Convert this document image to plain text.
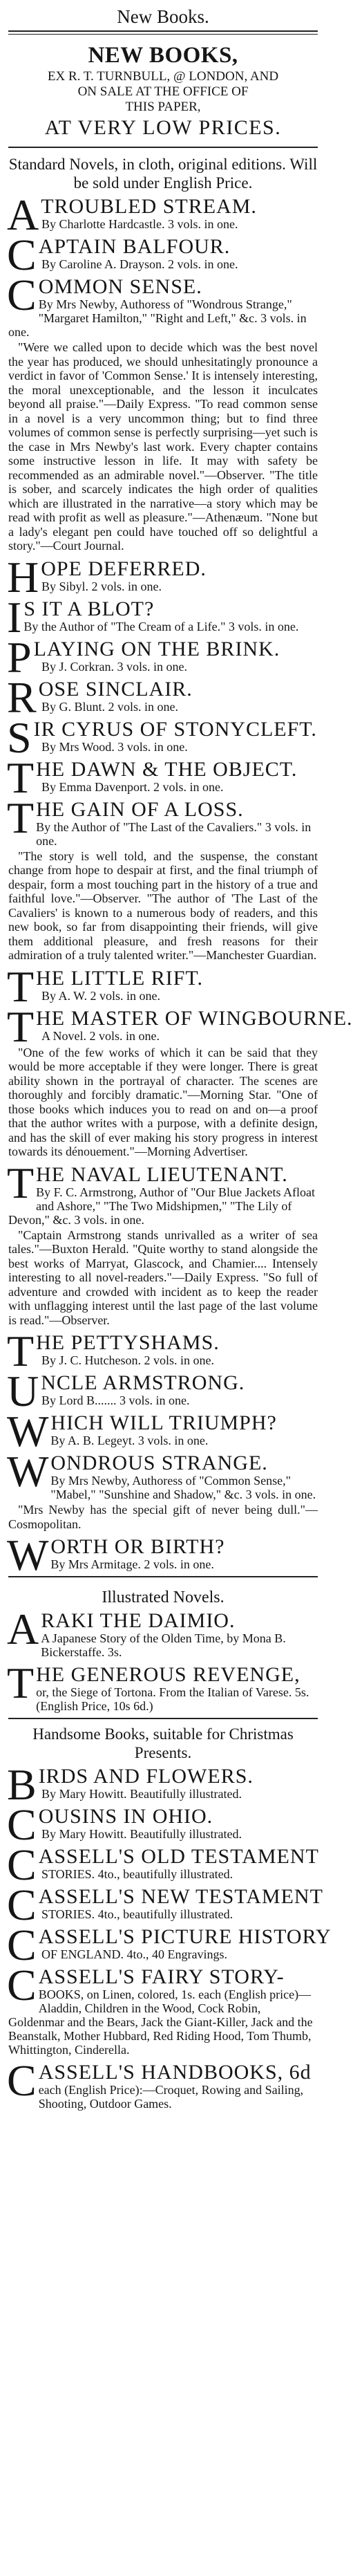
New Books.
NEW BOOKS,
EX R. T. TURNBULL, @ LONDON, AND
ON SALE AT THE OFFICE OF
THIS PAPER,
AT VERY LOW PRICES.
Standard Novels, in cloth, original editions. Will be sold under English Price.
A TROUBLED STREAM.
By Charlotte Hardcastle. 3 vols. in one.
C APTAIN BALFOUR.
By Caroline A. Drayson. 2 vols. in one.
C OMMON SENSE.
By Mrs Newby, Authoress of "Wondrous Strange," "Margaret Hamilton," "Right and Left," &c. 3 vols. in one.
"Were we called upon to decide which was the best novel the year has produced, we should unhesitatingly pronounce a verdict in favor of 'Common Sense.' It is intensely interesting, the moral unexceptionable, and the lesson it inculcates beyond all praise."—Daily Express. "To read common sense in a novel is a very uncommon thing; but to find three volumes of common sense is perfectly surprising—yet such is the case in Mrs Newby's last work. Every chapter contains some instructive lesson in life. It may with safety be recommended as an admirable novel."—Observer. "The title is sober, and scarcely indicates the high order of qualities which are illustrated in the narrative—a story which may be read with profit as well as pleasure."—Athenæum. "None but a lady's elegant pen could have touched off so delightful a story."—Court Journal.
H OPE DEFERRED.
By Sibyl. 2 vols. in one.
I S IT A BLOT?
By the Author of "The Cream of a Life." 3 vols. in one.
P LAYING ON THE BRINK.
By J. Corkran. 3 vols. in one.
R OSE SINCLAIR.
By G. Blunt. 2 vols. in one.
S IR CYRUS OF STONYCLEFT.
By Mrs Wood. 3 vols. in one.
T HE DAWN & THE OBJECT.
By Emma Davenport. 2 vols. in one.
T HE GAIN OF A LOSS.
By the Author of "The Last of the Cavaliers." 3 vols. in one.
"The story is well told, and the suspense, the constant change from hope to despair at first, and the final triumph of despair, form a most touching part in the history of a true and faithful love."—Observer. "The author of 'The Last of the Cavaliers' is known to a numerous body of readers, and this new book, so far from disappointing their friends, will give them additional pleasure, and fresh reasons for their admiration of a truly talented writer."—Manchester Guardian.
T HE LITTLE RIFT.
By A. W. 2 vols. in one.
T HE MASTER OF WINGBOURNE.
A Novel. 2 vols. in one.
"One of the few works of which it can be said that they would be more acceptable if they were longer. There is great ability shown in the portrayal of character. The scenes are thoroughly and forcibly dramatic."—Morning Star. "One of those books which induces you to read on and on—a proof that the author writes with a purpose, with a definite design, and has the skill of ever making his story progress in interest towards its dénouement."—Morning Advertiser.
T HE NAVAL LIEUTENANT.
By F. C. Armstrong, Author of "Our Blue Jackets Afloat and Ashore," "The Two Midshipmen," "The Lily of Devon," &c. 3 vols. in one.
"Captain Armstrong stands unrivalled as a writer of sea tales."—Buxton Herald. "Quite worthy to stand alongside the best works of Marryat, Glascock, and Chamier.... Intensely interesting to all novel-readers."—Daily Express. "So full of adventure and crowded with incident as to keep the reader with unflagging interest until the last page of the last volume is read."—Observer.
T HE PETTYSHAMS.
By J. C. Hutcheson. 2 vols. in one.
U NCLE ARMSTRONG.
By Lord B....... 3 vols. in one.
W HICH WILL TRIUMPH?
By A. B. Legeyt. 3 vols. in one.
W ONDROUS STRANGE.
By Mrs Newby, Authoress of "Common Sense," "Mabel," "Sunshine and Shadow," &c. 3 vols. in one.
"Mrs Newby has the special gift of never being dull."—Cosmopolitan.
W ORTH OR BIRTH?
By Mrs Armitage. 2 vols. in one.
Illustrated Novels.
A RAKI THE DAIMIO.
A Japanese Story of the Olden Time, by Mona B. Bickerstaffe. 3s.
T HE GENEROUS REVENGE,
or, the Siege of Tortona. From the Italian of Varese. 5s. (English Price, 10s 6d.)
Handsome Books, suitable for Christmas Presents.
B IRDS AND FLOWERS.
By Mary Howitt. Beautifully illustrated.
C OUSINS IN OHIO.
By Mary Howitt. Beautifully illustrated.
C ASSELL'S OLD TESTAMENT
STORIES. 4to., beautifully illustrated.
C ASSELL'S NEW TESTAMENT
STORIES. 4to., beautifully illustrated.
C ASSELL'S PICTURE HISTORY
OF ENGLAND. 4to., 40 Engravings.
C ASSELL'S FAIRY STORY-
BOOKS, on Linen, colored, 1s. each (English price)—Aladdin, Children in the Wood, Cock Robin, Goldenmar and the Bears, Jack the Giant-Killer, Jack and the Beanstalk, Mother Hubbard, Red Riding Hood, Tom Thumb, Whittington, Cinderella.
C ASSELL'S HANDBOOKS, 6d
each (English Price):—Croquet, Rowing and Sailing, Shooting, Outdoor Games.
